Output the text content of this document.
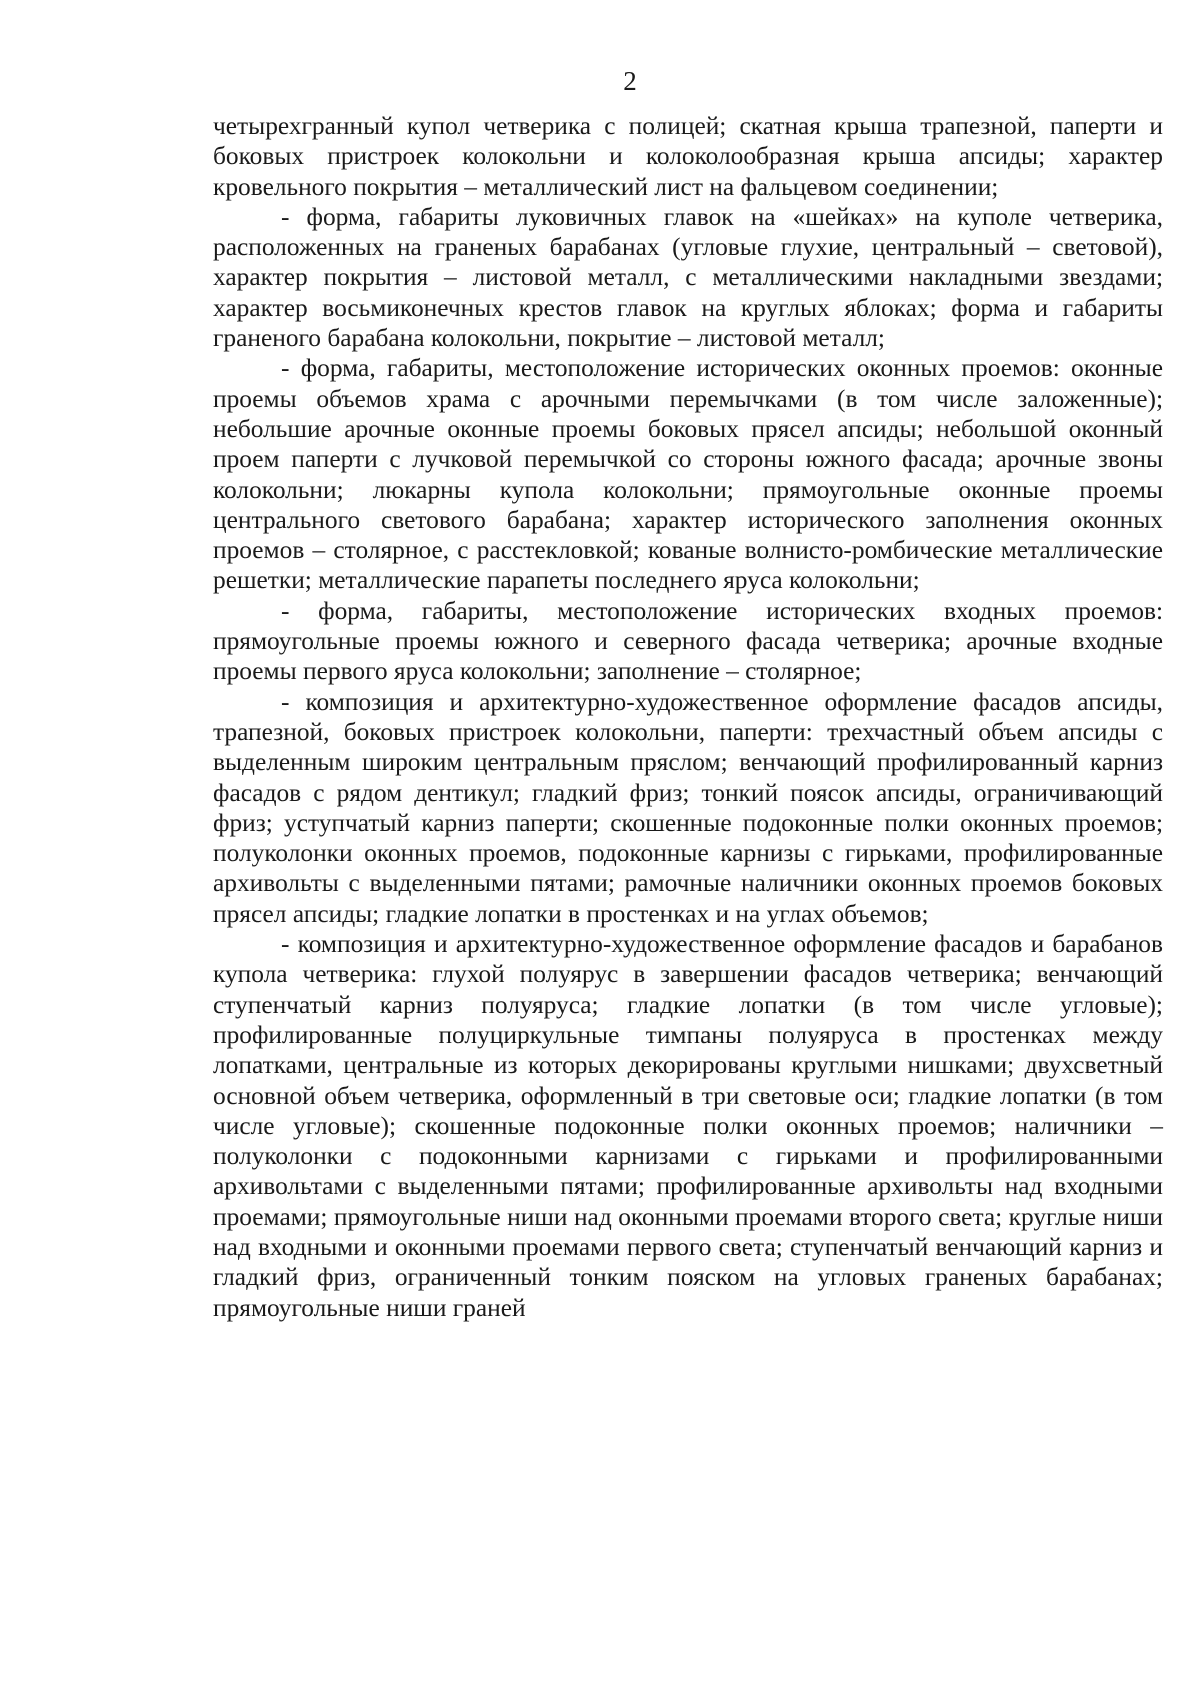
2

четырехгранный купол четверика с полицей; скатная крыша трапезной, паперти и боковых пристроек колокольни и колоколообразная крыша апсиды; характер кровельного покрытия – металлический лист на фальцевом соединении;

- форма, габариты луковичных главок на «шейках» на куполе четверика, расположенных на граненых барабанах (угловые глухие, центральный – световой), характер покрытия – листовой металл, с металлическими накладными звездами; характер восьмиконечных крестов главок на круглых яблоках; форма и габариты граненого барабана колокольни, покрытие – листовой металл;

- форма, габариты, местоположение исторических оконных проемов: оконные проемы объемов храма с арочными перемычками (в том числе заложенные); небольшие арочные оконные проемы боковых прясел апсиды; небольшой оконный проем паперти с лучковой перемычкой со стороны южного фасада; арочные звоны колокольни; люкарны купола колокольни; прямоугольные оконные проемы центрального светового барабана; характер исторического заполнения оконных проемов – столярное, с расстекловкой; кованые волнисто-ромбические металлические решетки; металлические парапеты последнего яруса колокольни;

- форма, габариты, местоположение исторических входных проемов: прямоугольные проемы южного и северного фасада четверика; арочные входные проемы первого яруса колокольни; заполнение – столярное;

- композиция и архитектурно-художественное оформление фасадов апсиды, трапезной, боковых пристроек колокольни, паперти: трехчастный объем апсиды с выделенным широким центральным пряслом; венчающий профилированный карниз фасадов с рядом дентикул; гладкий фриз; тонкий поясок апсиды, ограничивающий фриз; уступчатый карниз паперти; скошенные подоконные полки оконных проемов; полуколонки оконных проемов, подоконные карнизы с гирьками, профилированные архивольты с выделенными пятами; рамочные наличники оконных проемов боковых прясел апсиды; гладкие лопатки в простенках и на углах объемов;

- композиция и архитектурно-художественное оформление фасадов и барабанов купола четверика: глухой полуярус в завершении фасадов четверика; венчающий ступенчатый карниз полуяруса; гладкие лопатки (в том числе угловые); профилированные полуциркульные тимпаны полуяруса в простенках между лопатками, центральные из которых декорированы круглыми нишками; двухсветный основной объем четверика, оформленный в три световые оси; гладкие лопатки (в том числе угловые); скошенные подоконные полки оконных проемов; наличники – полуколонки с подоконными карнизами с гирьками и профилированными архивольтами с выделенными пятами; профилированные архивольты над входными проемами; прямоугольные ниши над оконными проемами второго света; круглые ниши над входными и оконными проемами первого света; ступенчатый венчающий карниз и гладкий фриз, ограниченный тонким пояском на угловых граненых барабанах; прямоугольные ниши граней
